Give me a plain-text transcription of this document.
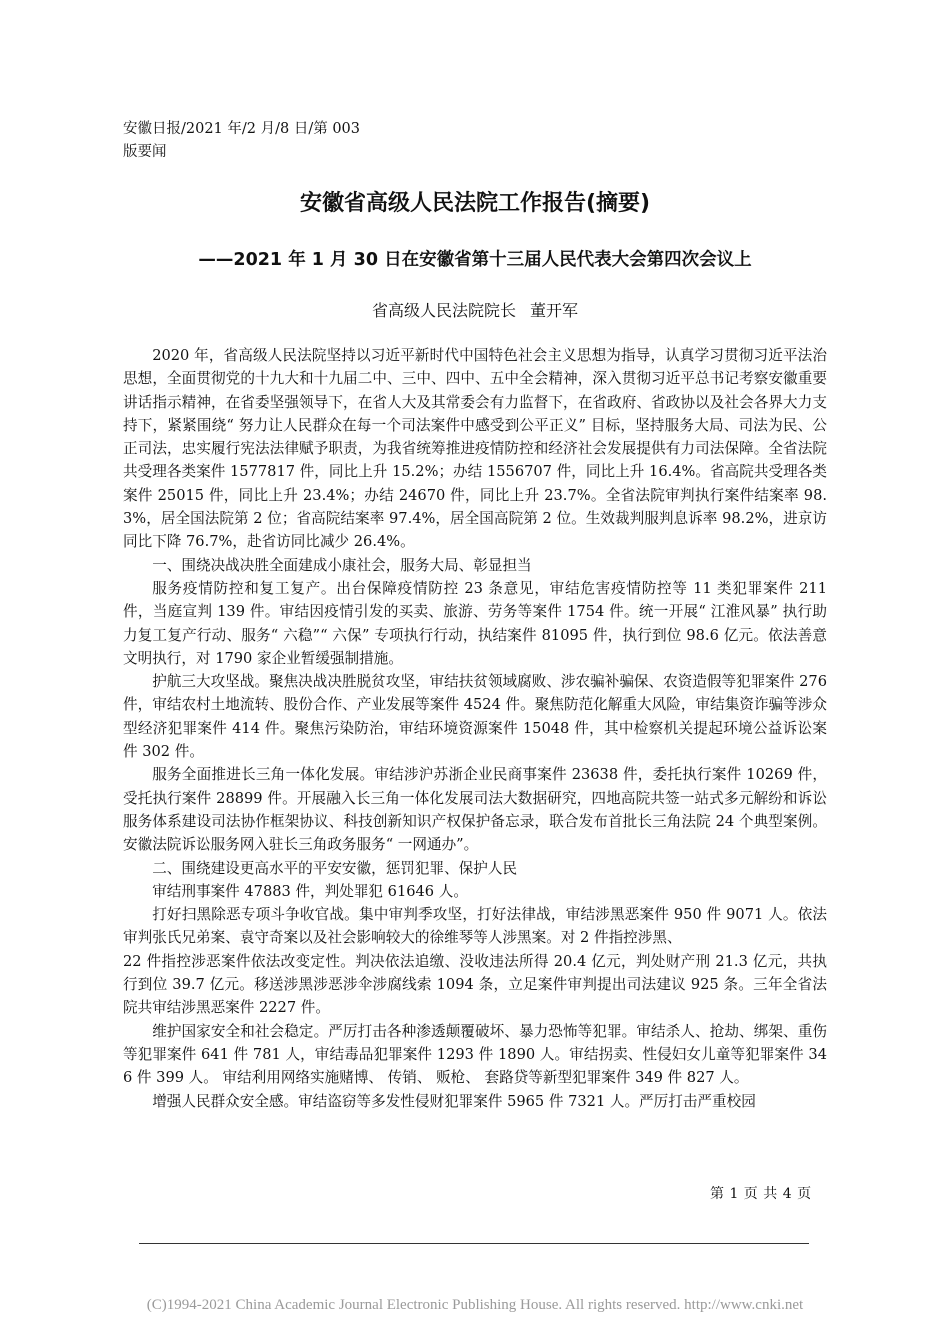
安徽日报/2021 年/2 月/8 日/第 003
版要闻
安徽省高级人民法院工作报告(摘要)
——2021 年 1 月 30 日在安徽省第十三届人民代表大会第四次会议上
省高级人民法院院长 董开军

2020 年，省高级人民法院坚持以习近平新时代中国特色社会主义思想为指导，认真学习贯彻习近平法治思想，全面贯彻党的十九大和十九届二中、三中、四中、五中全会精神，深入贯彻习近平总书记考察安徽重要讲话指示精神，在省委坚强领导下，在省人大及其常委会有力监督下，在省政府、省政协以及社会各界大力支持下，紧紧围绕“ 努力让人民群众在每一个司法案件中感受到公平正义” 目标，坚持服务大局、司法为民、公正司法，忠实履行宪法法律赋予职责，为我省统筹推进疫情防控和经济社会发展提供有力司法保障。全省法院共受理各类案件 1577817 件，同比上升 15.2%；办结 1556707 件，同比上升 16.4%。省高院共受理各类案件 25015 件，同比上升 23.4%；办结 24670 件，同比上升 23.7%。全省法院审判执行案件结案率 98.3%，居全国法院第 2 位；省高院结案率 97.4%，居全国高院第 2 位。生效裁判服判息诉率 98.2%，进京访同比下降 76.7%，赴省访同比减少 26.4%。

一、围绕决战决胜全面建成小康社会，服务大局、彰显担当

服务疫情防控和复工复产。出台保障疫情防控 23 条意见，审结危害疫情防控等 11 类犯罪案件 211 件，当庭宣判 139 件。审结因疫情引发的买卖、旅游、劳务等案件 1754 件。统一开展“ 江淮风暴” 执行助力复工复产行动、服务“ 六稳”“ 六保” 专项执行行动，执结案件 81095 件，执行到位 98.6 亿元。依法善意文明执行，对 1790 家企业暂缓强制措施。

护航三大攻坚战。聚焦决战决胜脱贫攻坚，审结扶贫领域腐败、涉农骗补骗保、农资造假等犯罪案件 276 件，审结农村土地流转、股份合作、产业发展等案件 4524 件。聚焦防范化解重大风险，审结集资诈骗等涉众型经济犯罪案件 414 件。聚焦污染防治，审结环境资源案件 15048 件，其中检察机关提起环境公益诉讼案件 302 件。

服务全面推进长三角一体化发展。审结涉沪苏浙企业民商事案件 23638 件，委托执行案件 10269 件，受托执行案件 28899 件。开展融入长三角一体化发展司法大数据研究，四地高院共签一站式多元解纷和诉讼服务体系建设司法协作框架协议、科技创新知识产权保护备忘录，联合发布首批长三角法院 24 个典型案例。安徽法院诉讼服务网入驻长三角政务服务“ 一网通办”。

二、围绕建设更高水平的平安安徽，惩罚犯罪、保护人民

审结刑事案件 47883 件，判处罪犯 61646 人。

打好扫黑除恶专项斗争收官战。集中审判季攻坚，打好法律战，审结涉黑恶案件 950 件 9071 人。依法审判张氏兄弟案、袁守奇案以及社会影响较大的徐维琴等人涉黑案。对 2 件指控涉黑、

22 件指控涉恶案件依法改变定性。判决依法追缴、没收违法所得 20.4 亿元，判处财产刑 21.3 亿元，共执行到位 39.7 亿元。移送涉黑涉恶涉伞涉腐线索 1094 条，立足案件审判提出司法建议 925 条。三年全省法院共审结涉黑恶案件 2227 件。

维护国家安全和社会稳定。严厉打击各种渗透颠覆破坏、暴力恐怖等犯罪。审结杀人、抢劫、绑架、重伤等犯罪案件 641 件 781 人，审结毒品犯罪案件 1293 件 1890 人。审结拐卖、性侵妇女儿童等犯罪案件 346 件 399 人。 审结利用网络实施赌博、 传销、 贩枪、 套路贷等新型犯罪案件 349 件 827 人。

增强人民群众安全感。审结盗窃等多发性侵财犯罪案件 5965 件 7321 人。严厉打击严重校园

第 1 页 共 4 页
(C)1994-2021 China Academic Journal Electronic Publishing House. All rights reserved. http://www.cnki.net
